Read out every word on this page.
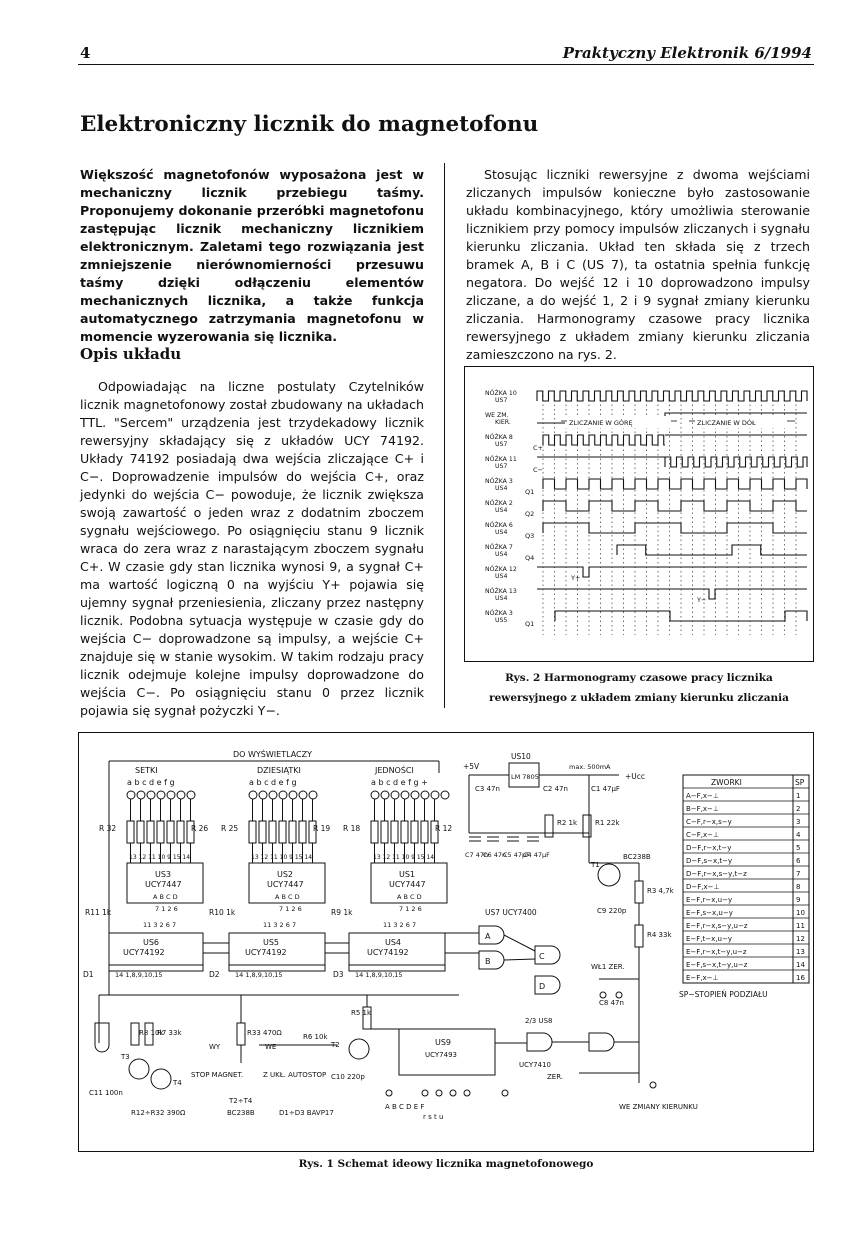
4	Praktyczny Elektronik 6/1994
Elektroniczny licznik do magnetofonu

Większość magnetofonów wyposażona jest w mechaniczny licznik przebiegu taśmy. Proponujemy dokonanie przeróbki magnetofonu zastępując licznik mechaniczny licznikiem elektronicznym. Zaletami tego rozwiązania jest zmniejszenie nierównomierności przesuwu taśmy dzięki odłączeniu elementów mechanicznych licznika, a także funkcja automatycznego zatrzymania magnetofonu w momencie wyzerowania się licznika.

Opis układu

Odpowiadając na liczne postulaty Czytelników licznik magnetofonowy został zbudowany na układach TTL. "Sercem" urządzenia jest trzydekadowy licznik rewersyjny składający się z układów UCY 74192. Układy 74192 posiadają dwa wejścia zliczające C+ i C−. Doprowadzenie impulsów do wejścia C+, oraz jedynki do wejścia C− powoduje, że licznik zwiększa swoją zawartość o jeden wraz z dodatnim zboczem sygnału wejściowego. Po osiągnięciu stanu 9 licznik wraca do zera wraz z narastającym zboczem sygnału C+. W czasie gdy stan licznika wynosi 9, a sygnał C+ ma wartość logiczną 0 na wyjściu Y+ pojawia się ujemny sygnał przeniesienia, zliczany przez następny licznik. Podobna sytuacja występuje w czasie gdy do wejścia C− doprowadzone są impulsy, a wejście C+ znajduje się w stanie wysokim. W takim rodzaju pracy licznik odejmuje kolejne impulsy doprowadzone do wejścia C−. Po osiągnięciu stanu 0 przez licznik pojawia się sygnał pożyczki Y−.

Stosując liczniki rewersyjne z dwoma wejściami zliczanych impulsów konieczne było zastosowanie układu kombinacyjnego, który umożliwia sterowanie licznikiem przy pomocy impulsów zliczanych i sygnału kierunku zliczania. Układ ten składa się z trzech bramek A, B i C (US 7), ta ostatnia spełnia funkcję negatora. Do wejść 12 i 10 doprowadzono impulsy zliczane, a do wejść 1, 2 i 9 sygnał zmiany kierunku zliczania. Harmonogramy czasowe pracy licznika rewersyjnego z układem zmiany kierunku zliczania zamieszczono na rys. 2.

NÓŻKA 10
US7
WE ZM.
KIER.
NÓŻKA 8
US7
NÓŻKA 11
US7
NÓŻKA 3
US4
NÓŻKA 2
US4
NÓŻKA 6
US4
NÓŻKA 7
US4
NÓŻKA 12
US4
NÓŻKA 13
US4
NÓŻKA 3
US5
ZLICZANIE W GÓRĘ	ZLICZANIE W DÓŁ
C+
C−
Q1
Q2
Q3
Q4
Y+
Y−
Q1
Rys. 2 Harmonogramy czasowe pracy licznika
rewersyjnego z układem zmiany kierunku zliczania
DO WYŚWIETLACZY
SETKI	DZIESIĄTKI	JEDNOŚCI
a b c d e f g	a b c d e f g	a b c d e f g +
R 32	R 26 R 25	R 19 R 18	R 12
13 12 11 10 9 15 14	13 12 11 10 9 15 14	13 12 11 10 9 15 14
US3
UCY7447
A B C D
US2
UCY7447
A B C D
US1
UCY7447
A B C D
R11 1k	R10 1k	R9 1k
7 1 2 6	7 1 2 6	7 1 2 6
11 3 2 6 7	11 3 2 6 7	11 3 2 6 7
US6
UCY74192
US5
UCY74192
US4
UCY74192
14 1,8,9,10,15	14 1,8,9,10,15	14 1,8,9,10,15
D1	D2	D3
+5V
US10
LM 7805
max. 500mA
+Ucc
C3 47n	C2 47n	C1 47μF
C7 47n
C6 47n
C5 47μF
C4 47μF
R2 1k	R1 22k
US7 UCY7400
A
B
C
D
T1
BC238B
R3 4,7k
R4 33k
C9 220p
WŁ1 ZER.
C8 47n
R8 10k
R7 33k
T3
T4
C11 100n
R33 470Ω	R6 10k
WE
WY
STOP MAGNET.	Z UKŁ. AUTOSTOP
R5 1k
T2
C10 220p
2/3 US8
US9
UCY7493
UCY7410
ZER.
WE ZMIANY KIERUNKU
T2÷T4
BC238B	D1÷D3 BAVP17
R12÷R32 390Ω
A B C D E F
r s t u
ZWORKI	SP
A−F,x−⊥	1
B−F,x−⊥	2
C−F,r−x,s−y	3
C−F,x−⊥	4
D−F,r−x,t−y	5
D−F,s−x,t−y	6
D−F,r−x,s−y,t−z	7
D−F,x−⊥	8
E−F,r−x,u−y	9
E−F,s−x,u−y	10
E−F,r−x,s−y,u−z	11
E−F,t−x,u−y	12
E−F,r−x,t−y,u−z	13
E−F,s−x,t−y,u−z	14
E−F,x−⊥	16
SP−STOPIEŃ PODZIAŁU
Rys. 1 Schemat ideowy licznika magnetofonowego
